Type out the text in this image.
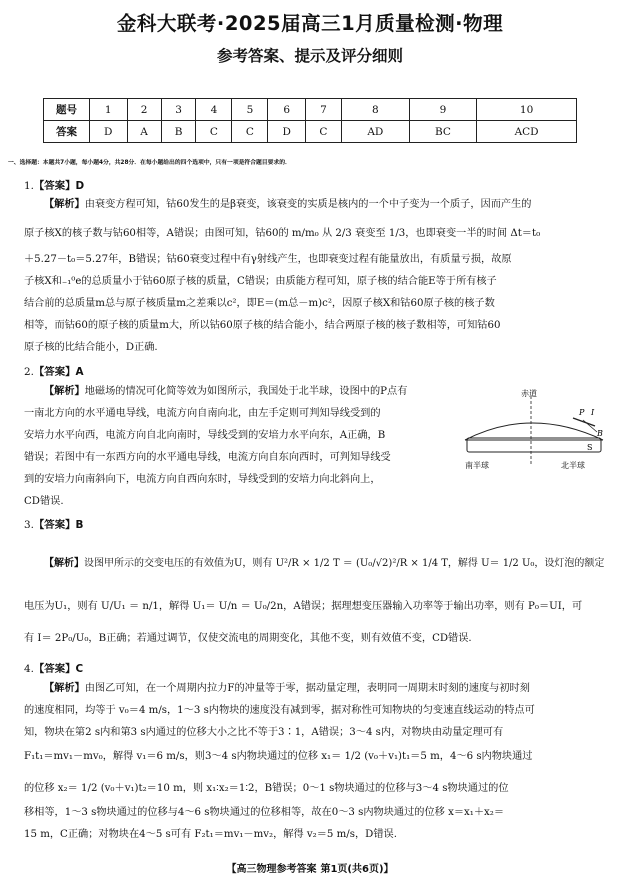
金科大联考·2025届高三1月质量检测·物理
参考答案、提示及评分细则
题号	1	2	3	4	5	6	7	8	9	10
答案	D	A	B	C	C	D	C	AD	BC	ACD
一、选择题：本题共7小题，每小题4分，共28分．在每小题给出的四个选项中，只有一项是符合题目要求的．
1.【答案】D
【解析】由衰变方程可知，钴60发生的是β衰变，该衰变的实质是核内的一个中子变为一个质子，因而产生的
原子核X的核子数与钴60相等，A错误；由图可知，钴60的 m/m₀ 从 2/3 衰变至 1/3，也即衰变一半的时间 Δt＝t₀
＋5.27－t₀＝5.27年，B错误；钴60衰变过程中有γ射线产生，也即衰变过程有能量放出，有质量亏损，故原
子核X和₋₁⁰e的总质量小于钴60原子核的质量，C错误；由质能方程可知，原子核的结合能E等于所有核子
结合前的总质量m总与原子核质量m之差乘以c²，即E＝(m总－m)c²，因原子核X和钴60原子核的核子数
相等，而钴60的原子核的质量m大，所以钴60原子核的结合能小，结合两原子核的核子数相等，可知钴60
原子核的比结合能小，D正确.
2.【答案】A
【解析】地磁场的情况可化简等效为如图所示，我国处于北半球，设图中的P点有
一南北方向的水平通电导线，电流方向自南向北，由左手定则可判知导线受到的
安培力水平向西，电流方向自北向南时，导线受到的安培力水平向东，A正确，B
错误；若图中有一东西方向的水平通电导线，电流方向自东向西时，可判知导线受
到的安培力向南斜向下，电流方向自西向东时，导线受到的安培力向北斜向上，
CD错误.
赤道
P I
B
S
南半球	北半球
3.【答案】B
【解析】设图甲所示的交变电压的有效值为U，则有 U²/R × 1/2 T ＝ (U₀/√2)²/R × 1/4 T，解得 U＝ 1/2 U₀，设灯泡的额定
电压为U₁，则有 U/U₁ ＝ n/1，解得 U₁＝ U/n ＝ U₀/2n，A错误；据理想变压器输入功率等于输出功率，则有 P₀＝UI，可
有 I＝ 2P₀/U₀，B正确；若通过调节，仅使交流电的周期变化，其他不变，则有效值不变，CD错误.
4.【答案】C
【解析】由图乙可知，在一个周期内拉力F的冲量等于零，据动量定理，表明同一周期末时刻的速度与初时刻
的速度相同，均等于 v₀＝4 m/s，1～3 s内物块的速度没有减到零，据对称性可知物块的匀变速直线运动的特点可
知，物块在第2 s内和第3 s内通过的位移大小之比不等于3∶1，A错误；3～4 s内，对物块由动量定理可有
F₁t₁＝mv₁－mv₀，解得 v₁＝6 m/s，则3～4 s内物块通过的位移 x₁＝ 1/2 (v₀＋v₁)t₁＝5 m，4～6 s内物块通过
的位移 x₂＝ 1/2 (v₀＋v₁)t₂＝10 m，则 x₁∶x₂＝1∶2，B错误；0～1 s物块通过的位移与3～4 s物块通过的位
移相等，1～3 s物块通过的位移与4～6 s物块通过的位移相等，故在0～3 s内物块通过的位移 x＝x₁＋x₂＝
15 m，C正确；对物块在4～5 s可有 F₂t₁＝mv₁－mv₂，解得 v₂＝5 m/s，D错误.
【高三物理参考答案 第1页(共6页)】
